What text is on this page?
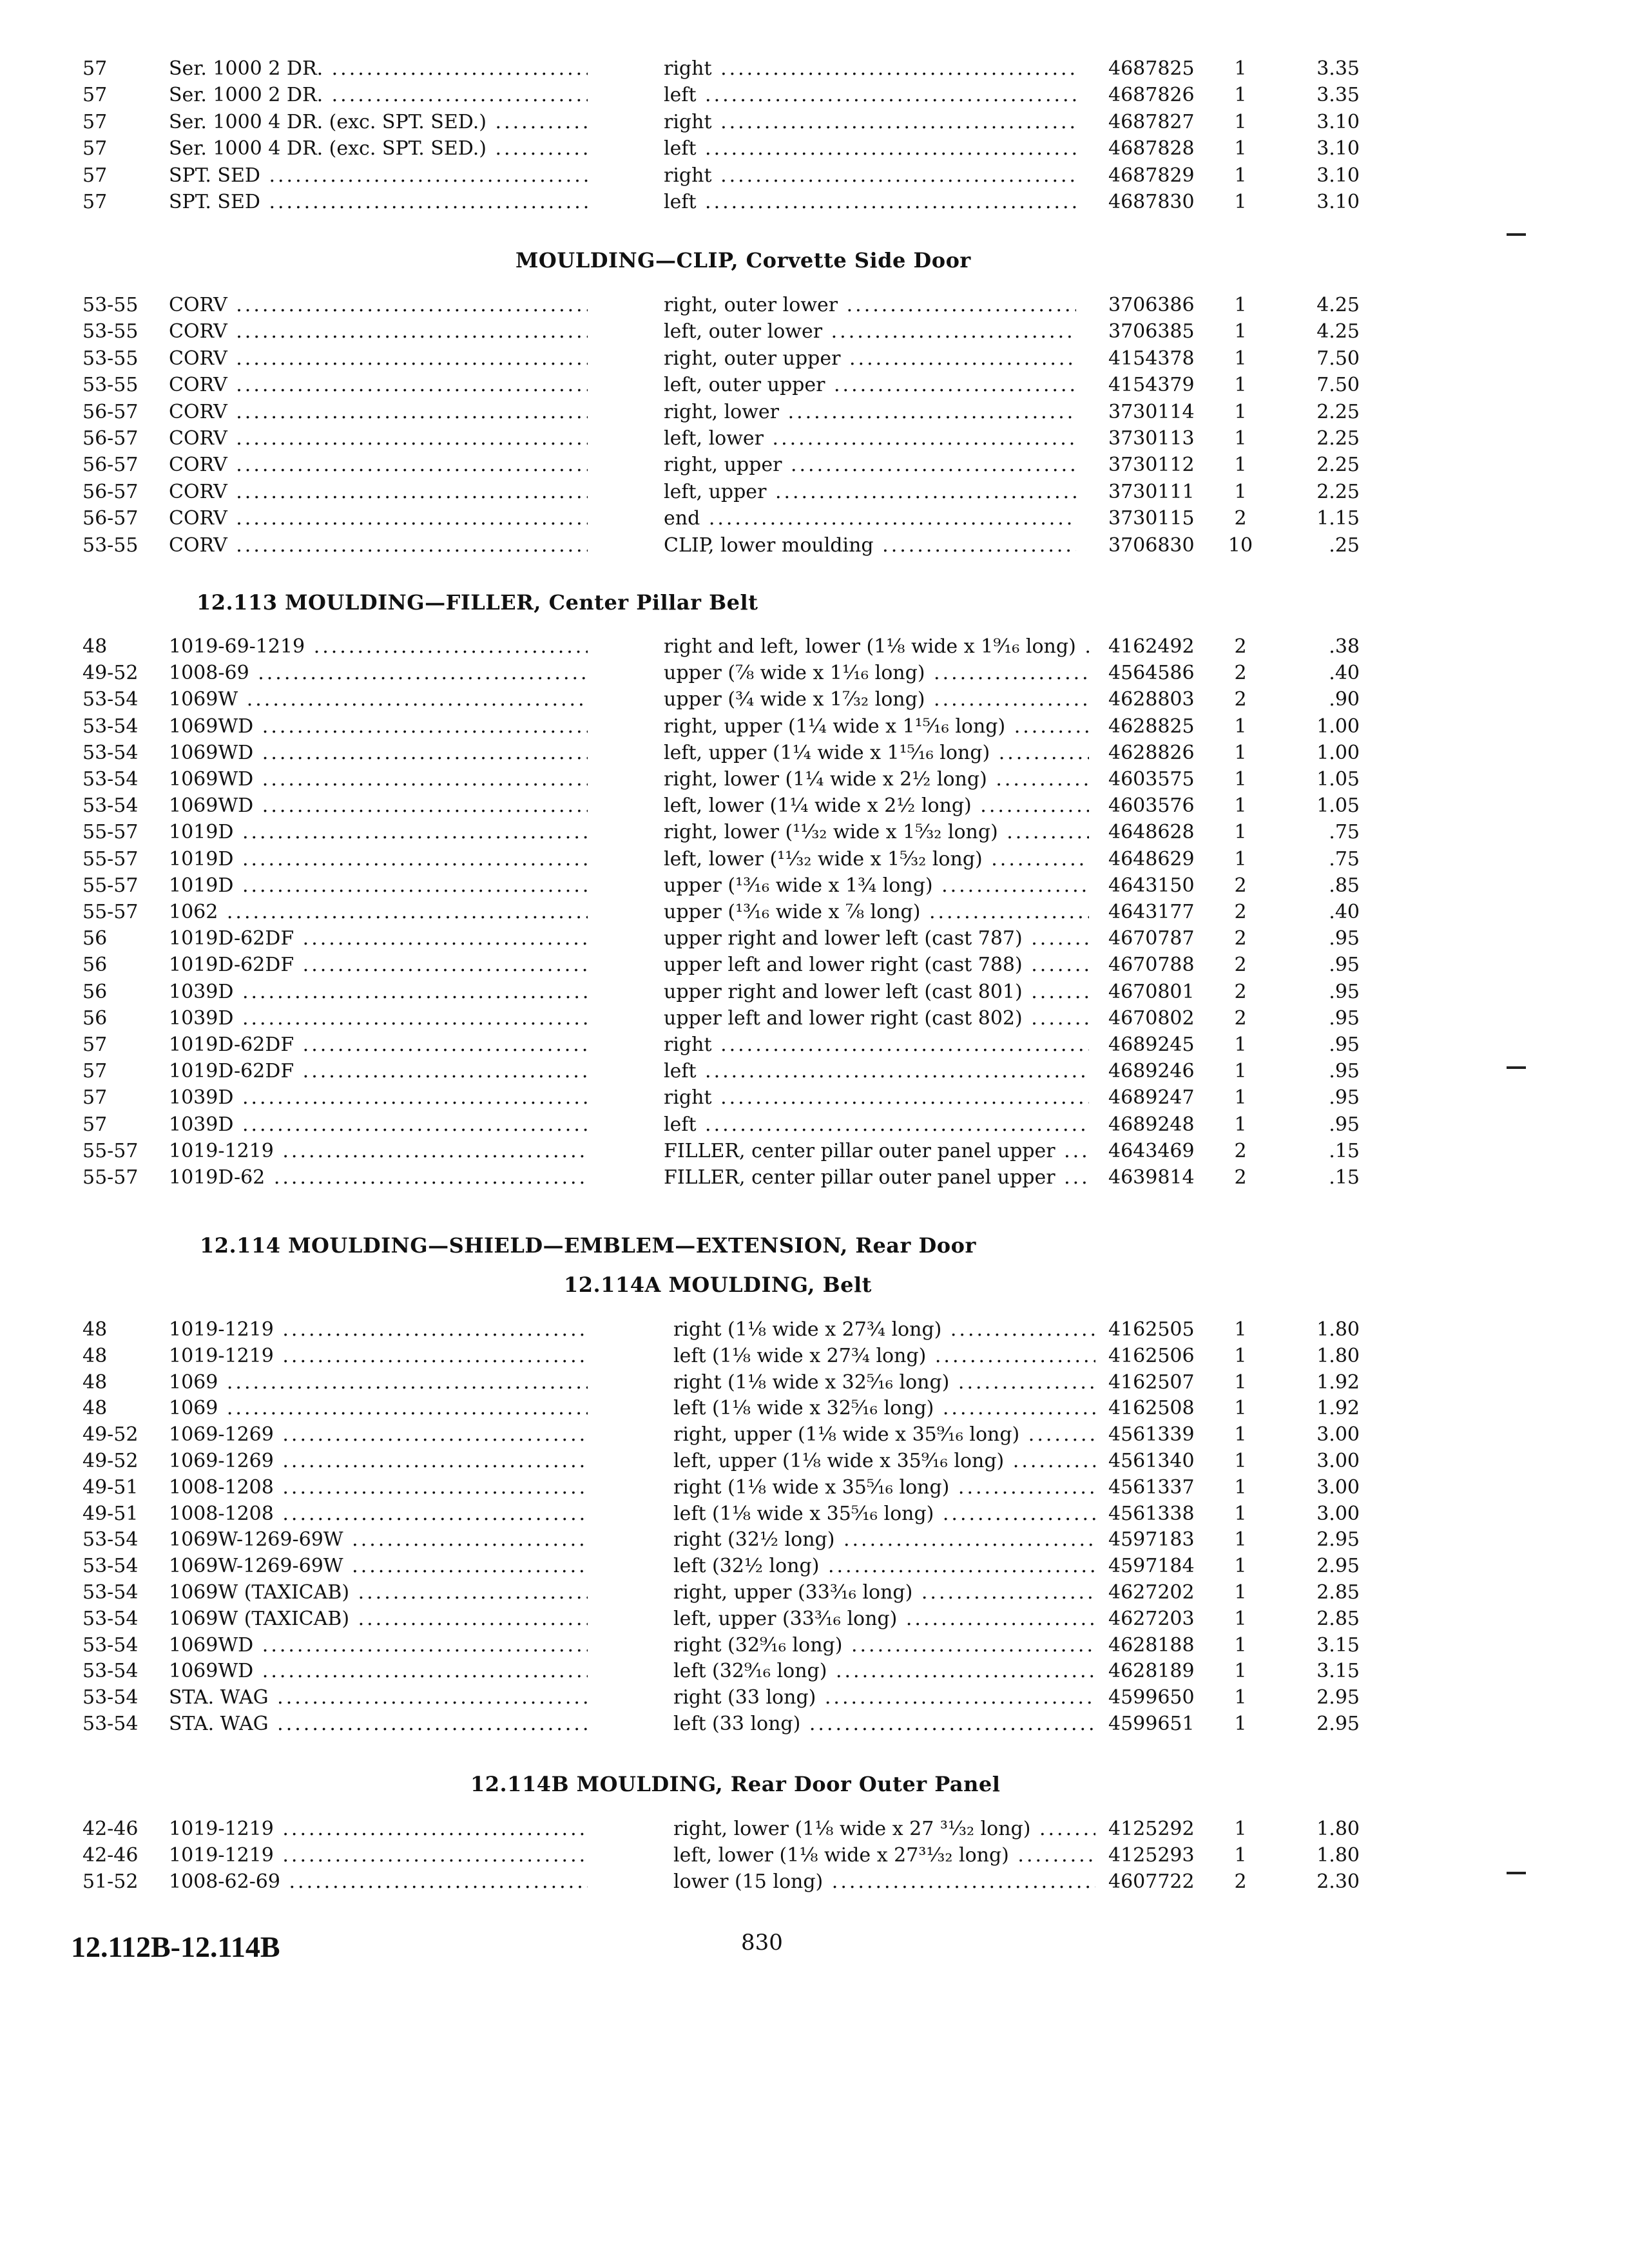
57	Ser. 1000 2 DR. .....	right .....	4687825	1	3.35
57	Ser. 1000 2 DR. .....	left .....	4687826	1	3.35
57	Ser. 1000 4 DR. (exc. SPT. SED.) .....	right .....	4687827	1	3.10
57	Ser. 1000 4 DR. (exc. SPT. SED.) .....	left .....	4687828	1	3.10
57	SPT. SED .....	right .....	4687829	1	3.10
57	SPT. SED .....	left .....	4687830	1	3.10
MOULDING—CLIP, Corvette Side Door
53-55	CORV .....	right, outer lower .....	3706386	1	4.25
53-55	CORV .....	left, outer lower .....	3706385	1	4.25
53-55	CORV .....	right, outer upper .....	4154378	1	7.50
53-55	CORV .....	left, outer upper .....	4154379	1	7.50
56-57	CORV .....	right, lower .....	3730114	1	2.25
56-57	CORV .....	left, lower .....	3730113	1	2.25
56-57	CORV .....	right, upper .....	3730112	1	2.25
56-57	CORV .....	left, upper .....	3730111	1	2.25
56-57	CORV .....	end .....	3730115	2	1.15
53-55	CORV .....	CLIP, lower moulding .....	3706830	10	.25
12.113 MOULDING—FILLER, Center Pillar Belt
48	1019-69-1219 .....	right and left, lower (1⅛ wide x 1⁹⁄₁₆ long) .....	4162492	2	.38
49-52	1008-69 .....	upper (⅞ wide x 1¹⁄₁₆ long) .....	4564586	2	.40
53-54	1069W .....	upper (¾ wide x 1⁷⁄₃₂ long) .....	4628803	2	.90
53-54	1069WD .....	right, upper (1¼ wide x 1¹⁵⁄₁₆ long) .....	4628825	1	1.00
53-54	1069WD .....	left, upper (1¼ wide x 1¹⁵⁄₁₆ long) .....	4628826	1	1.00
53-54	1069WD .....	right, lower (1¼ wide x 2½ long) .....	4603575	1	1.05
53-54	1069WD .....	left, lower (1¼ wide x 2½ long) .....	4603576	1	1.05
55-57	1019D .....	right, lower (¹¹⁄₃₂ wide x 1⁵⁄₃₂ long) .....	4648628	1	.75
55-57	1019D .....	left, lower (¹¹⁄₃₂ wide x 1⁵⁄₃₂ long) .....	4648629	1	.75
55-57	1019D .....	upper (¹³⁄₁₆ wide x 1¾ long) .....	4643150	2	.85
55-57	1062 .....	upper (¹³⁄₁₆ wide x ⅞ long) .....	4643177	2	.40
56	1019D-62DF .....	upper right and lower left (cast 787) .....	4670787	2	.95
56	1019D-62DF .....	upper left and lower right (cast 788) .....	4670788	2	.95
56	1039D .....	upper right and lower left (cast 801) .....	4670801	2	.95
56	1039D .....	upper left and lower right (cast 802) .....	4670802	2	.95
57	1019D-62DF .....	right .....	4689245	1	.95
57	1019D-62DF .....	left .....	4689246	1	.95
57	1039D .....	right .....	4689247	1	.95
57	1039D .....	left .....	4689248	1	.95
55-57	1019-1219 .....	FILLER, center pillar outer panel upper .....	4643469	2	.15
55-57	1019D-62 .....	FILLER, center pillar outer panel upper .....	4639814	2	.15
12.114 MOULDING—SHIELD—EMBLEM—EXTENSION, Rear Door
12.114A MOULDING, Belt
48	1019-1219 .....	right (1⅛ wide x 27¾ long) .....	4162505	1	1.80
48	1019-1219 .....	left (1⅛ wide x 27¾ long) .....	4162506	1	1.80
48	1069 .....	right (1⅛ wide x 32⁵⁄₁₆ long) .....	4162507	1	1.92
48	1069 .....	left (1⅛ wide x 32⁵⁄₁₆ long) .....	4162508	1	1.92
49-52	1069-1269 .....	right, upper (1⅛ wide x 35⁹⁄₁₆ long) .....	4561339	1	3.00
49-52	1069-1269 .....	left, upper (1⅛ wide x 35⁹⁄₁₆ long) .....	4561340	1	3.00
49-51	1008-1208 .....	right (1⅛ wide x 35⁵⁄₁₆ long) .....	4561337	1	3.00
49-51	1008-1208 .....	left (1⅛ wide x 35⁵⁄₁₆ long) .....	4561338	1	3.00
53-54	1069W-1269-69W .....	right (32½ long) .....	4597183	1	2.95
53-54	1069W-1269-69W .....	left (32½ long) .....	4597184	1	2.95
53-54	1069W (TAXICAB) .....	right, upper (33³⁄₁₆ long) .....	4627202	1	2.85
53-54	1069W (TAXICAB) .....	left, upper (33³⁄₁₆ long) .....	4627203	1	2.85
53-54	1069WD .....	right (32⁹⁄₁₆ long) .....	4628188	1	3.15
53-54	1069WD .....	left (32⁹⁄₁₆ long) .....	4628189	1	3.15
53-54	STA. WAG .....	right (33 long) .....	4599650	1	2.95
53-54	STA. WAG .....	left (33 long) .....	4599651	1	2.95
12.114B MOULDING, Rear Door Outer Panel
42-46	1019-1219 .....	right, lower (1⅛ wide x 27 ³¹⁄₃₂ long) .....	4125292	1	1.80
42-46	1019-1219 .....	left, lower (1⅛ wide x 27³¹⁄₃₂ long) .....	4125293	1	1.80
51-52	1008-62-69 .....	lower (15 long) .....	4607722	2	2.30
12.112B-12.114B	830
